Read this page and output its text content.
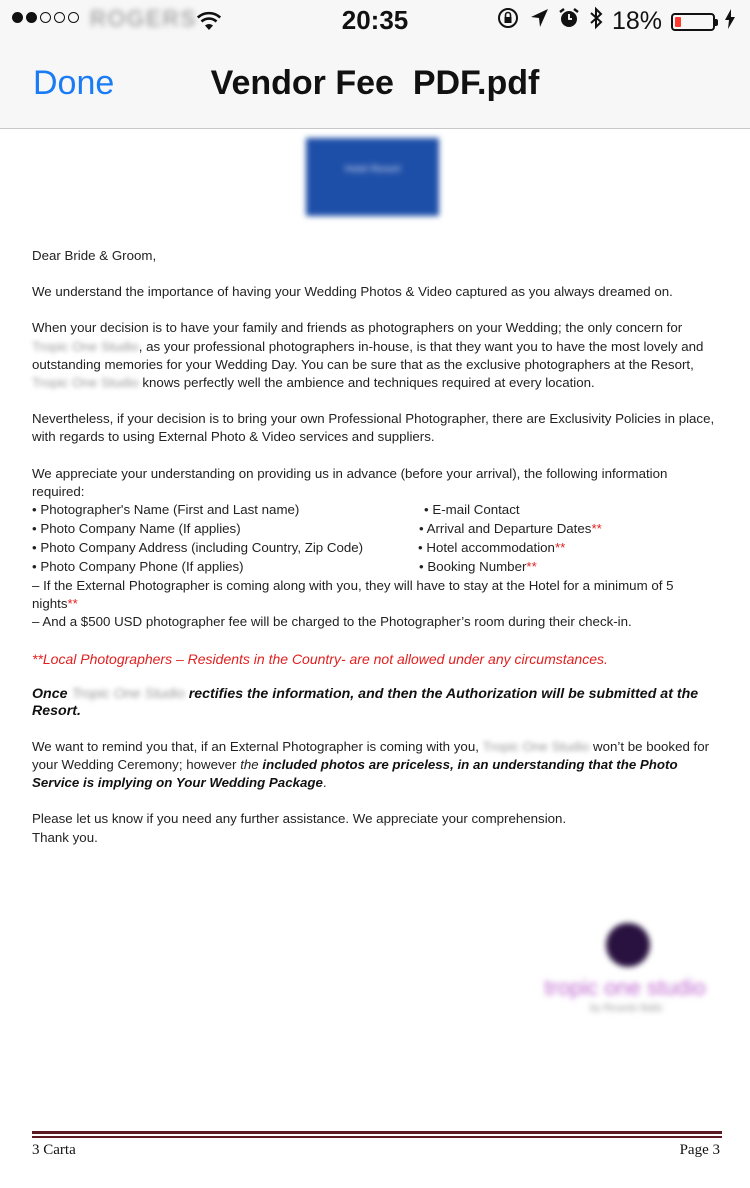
ROGERS	20:35	18%
Done	Vendor Fee  PDF.pdf
Hotel Resort

Dear Bride & Groom,

We understand the importance of having your Wedding Photos & Video captured as you always dreamed on.

When your decision is to have your family and friends as photographers on your Wedding; the only concern for Tropic One Studio, as your professional photographers in-house, is that they want you to have the most lovely and outstanding memories for your Wedding Day. You can be sure that as the exclusive photographers at the Resort, Tropic One Studio knows perfectly well the ambience and techniques required at every location.

Nevertheless, if your decision is to bring your own Professional Photographer, there are Exclusivity Policies in place, with regards to using External Photo & Video services and suppliers.

We appreciate your understanding on providing us in advance (before your arrival), the following information required:

• Photographer's Name (First and Last name)
• Photo Company Name (If applies)
• Photo Company Address (including Country, Zip Code)
• Photo Company Phone (If applies)
• E-mail Contact
• Arrival and Departure Dates**
• Hotel accommodation**
• Booking Number**

– If the External Photographer is coming along with you, they will have to stay at the Hotel for a minimum of 5 nights**

– And a $500 USD photographer fee will be charged to the Photographer’s room during their check-in.

**Local Photographers – Residents in the Country- are not allowed under any circumstances.

Once Tropic One Studio rectifies the information, and then the Authorization will be submitted at the Resort.

We want to remind you that, if an External Photographer is coming with you, Tropic One Studio won’t be booked for your Wedding Ceremony; however the included photos are priceless, in an understanding that the Photo Service is implying on Your Wedding Package.

Please let us know if you need any further assistance. We appreciate your comprehension.

Thank you.

tropic one studio
by Ricardo Baltz
3 Carta	Page 3
